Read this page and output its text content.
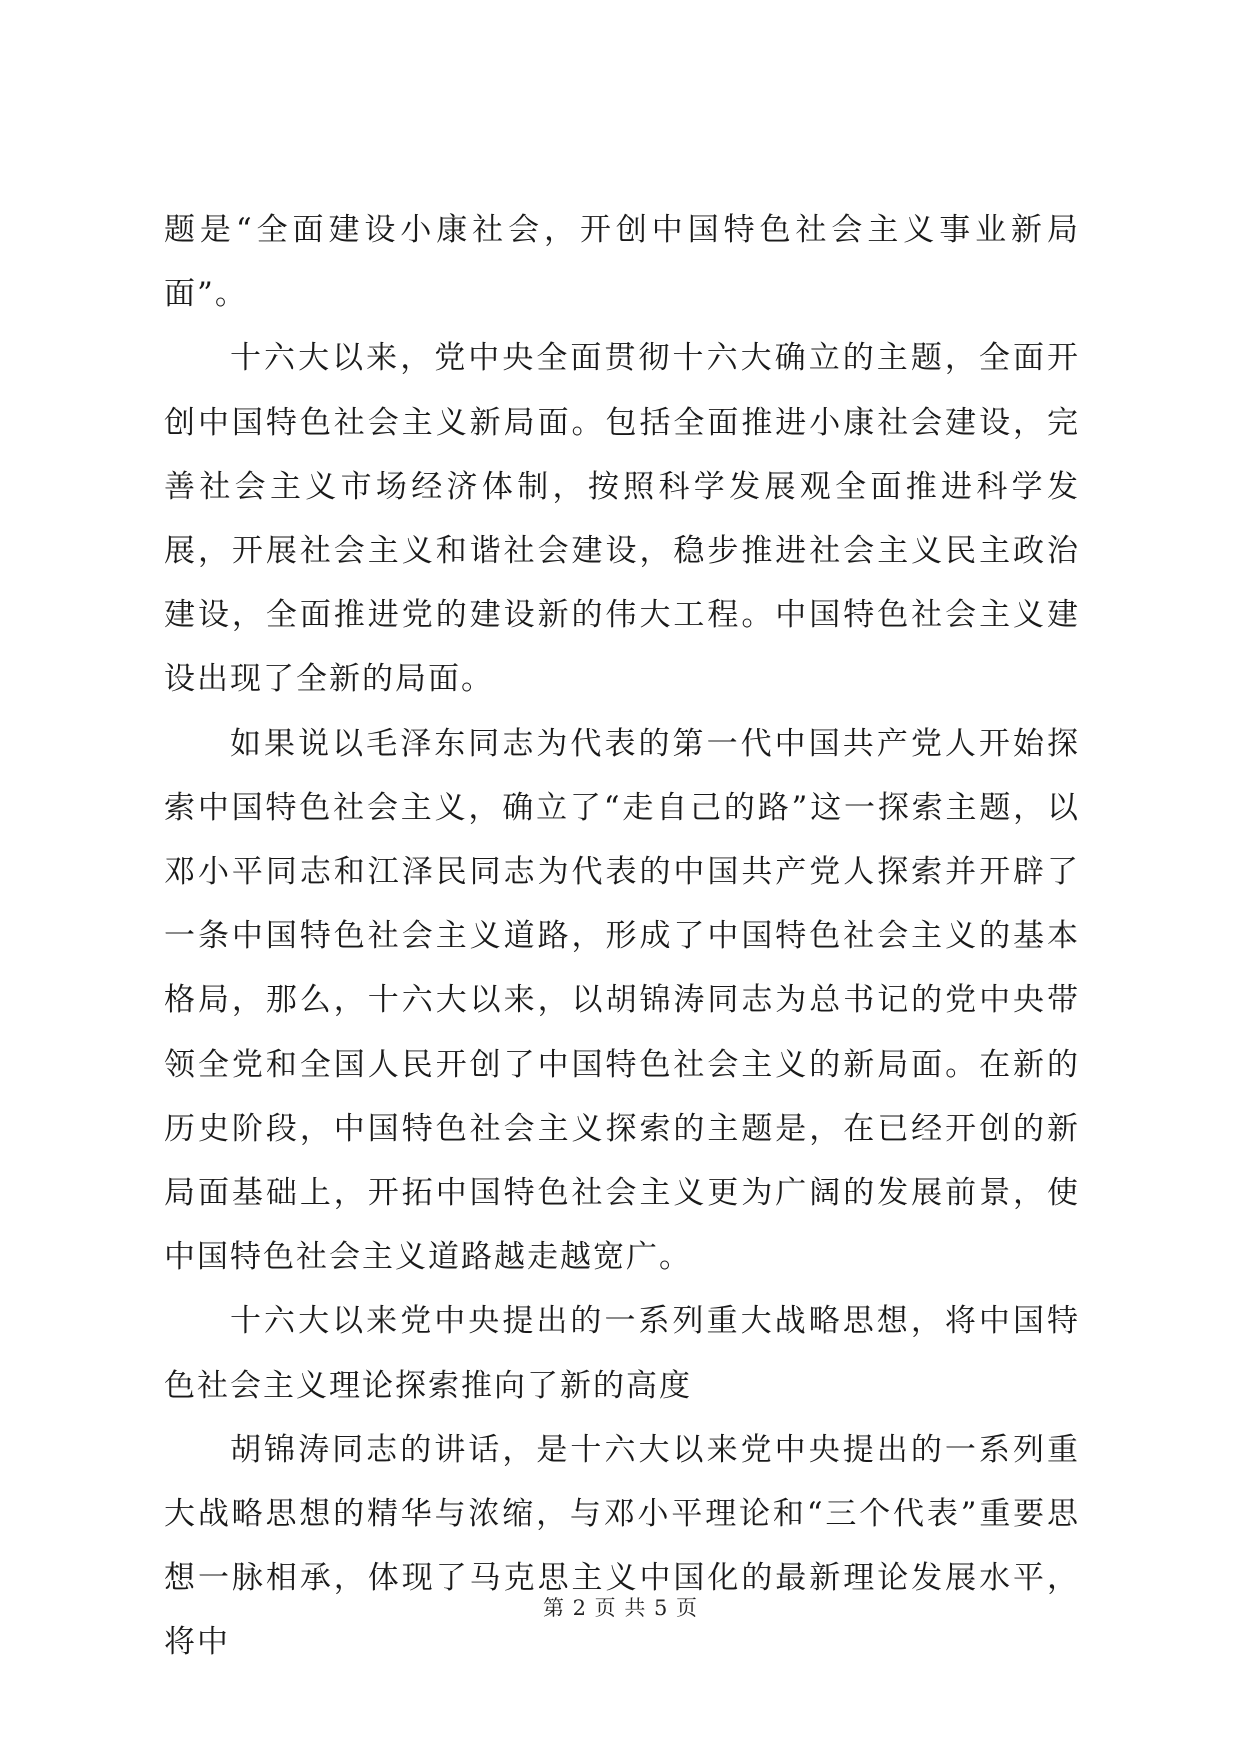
题是“全面建设小康社会，开创中国特色社会主义事业新局面”。

十六大以来，党中央全面贯彻十六大确立的主题，全面开创中国特色社会主义新局面。包括全面推进小康社会建设，完善社会主义市场经济体制，按照科学发展观全面推进科学发展，开展社会主义和谐社会建设，稳步推进社会主义民主政治建设，全面推进党的建设新的伟大工程。中国特色社会主义建设出现了全新的局面。

如果说以毛泽东同志为代表的第一代中国共产党人开始探索中国特色社会主义，确立了“走自己的路”这一探索主题，以邓小平同志和江泽民同志为代表的中国共产党人探索并开辟了一条中国特色社会主义道路，形成了中国特色社会主义的基本格局，那么，十六大以来，以胡锦涛同志为总书记的党中央带领全党和全国人民开创了中国特色社会主义的新局面。在新的历史阶段，中国特色社会主义探索的主题是，在已经开创的新局面基础上，开拓中国特色社会主义更为广阔的发展前景，使中国特色社会主义道路越走越宽广。

十六大以来党中央提出的一系列重大战略思想，将中国特色社会主义理论探索推向了新的高度

胡锦涛同志的讲话，是十六大以来党中央提出的一系列重大战略思想的精华与浓缩，与邓小平理论和“三个代表”重要思想一脉相承，体现了马克思主义中国化的最新理论发展水平，将中

第 2 页 共 5 页
